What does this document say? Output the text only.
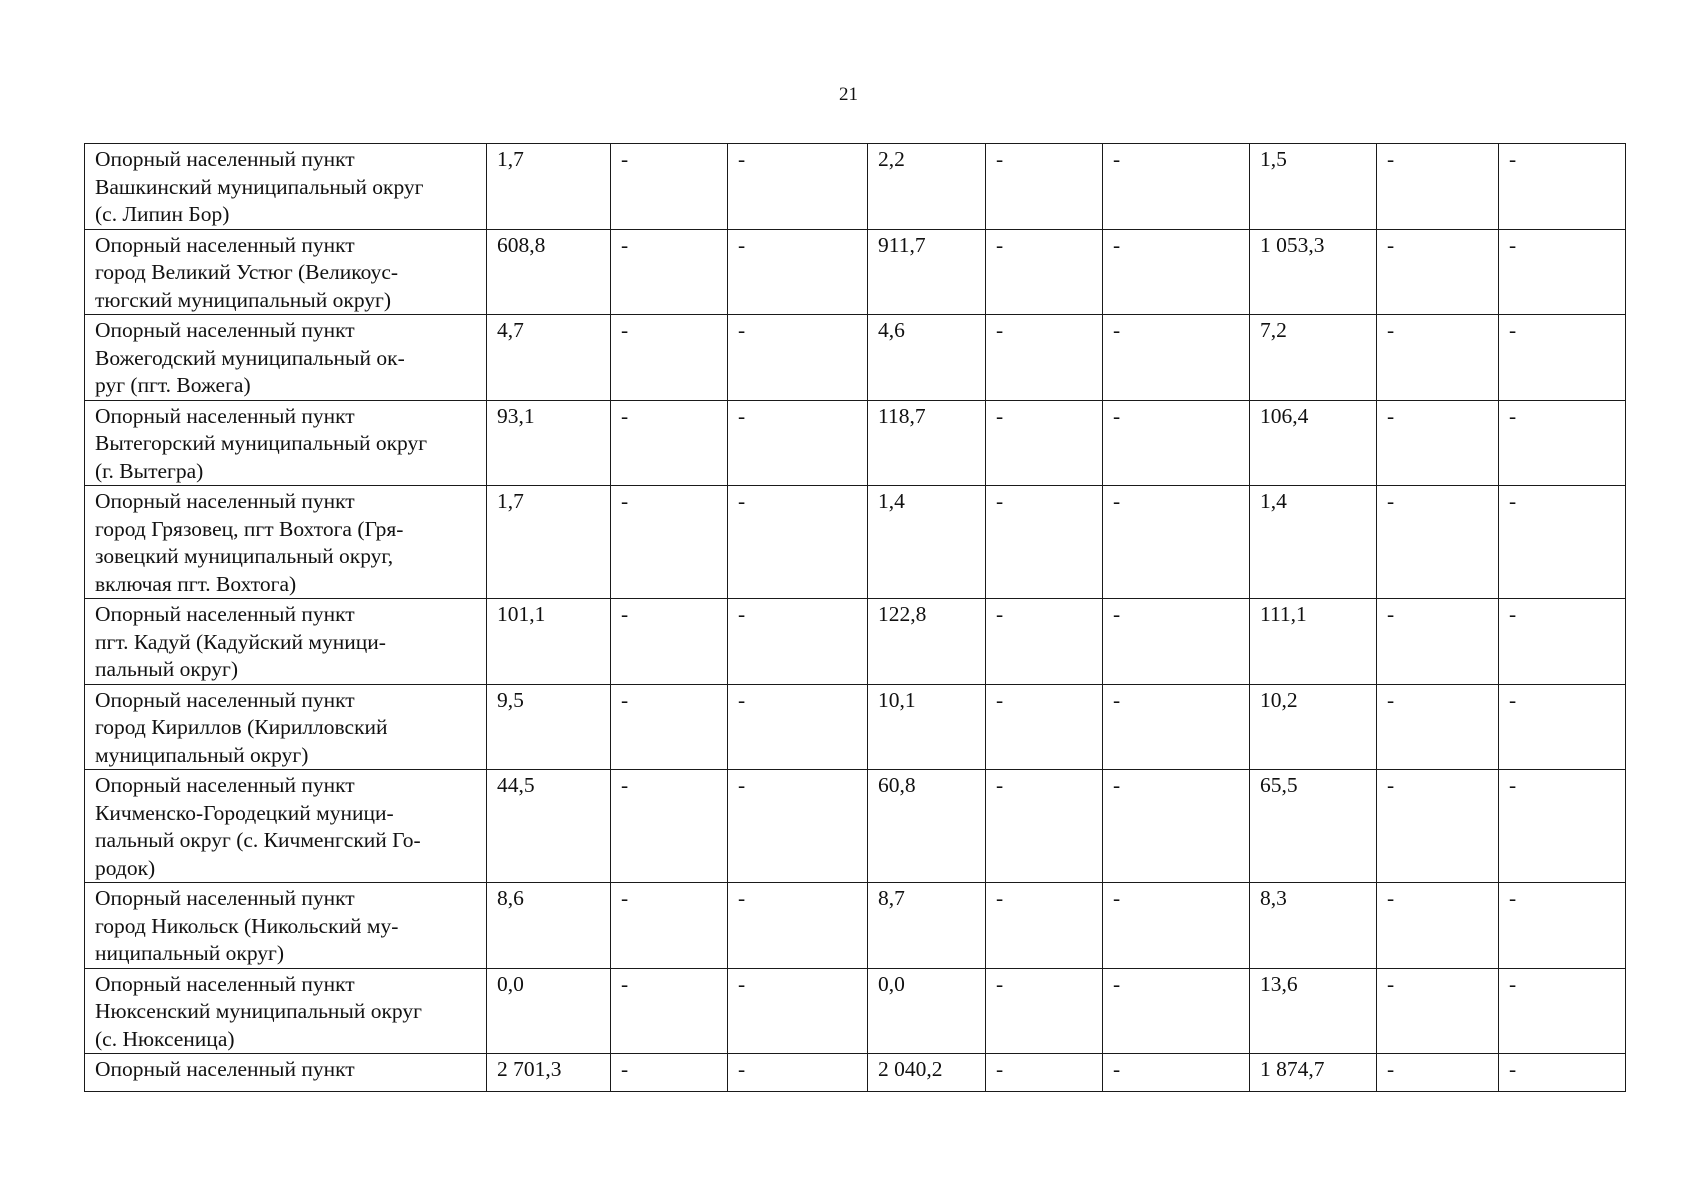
21
Опорный населенный пункт
Вашкинский муниципальный округ
(с. Липин Бор)	1,7	-	-	2,2	-	-	1,5	-	-

Опорный населенный пункт
город Великий Устюг (Великоус-
тюгский муниципальный округ)	608,8	-	-	911,7	-	-	1 053,3	-	-

Опорный населенный пункт
Вожегодский муниципальный ок-
руг (пгт. Вожега)	4,7	-	-	4,6	-	-	7,2	-	-

Опорный населенный пункт
Вытегорский муниципальный округ
(г. Вытегра)	93,1	-	-	118,7	-	-	106,4	-	-

Опорный населенный пункт
город Грязовец, пгт Вохтога (Гря-
зовецкий муниципальный округ,
включая пгт. Вохтога)	1,7	-	-	1,4	-	-	1,4	-	-

Опорный населенный пункт
пгт. Кадуй (Кадуйский муници-
пальный округ)	101,1	-	-	122,8	-	-	111,1	-	-

Опорный населенный пункт
город Кириллов (Кирилловский
муниципальный округ)	9,5	-	-	10,1	-	-	10,2	-	-

Опорный населенный пункт
Кичменско-Городецкий муници-
пальный округ (с. Кичменгский Го-
родок)	44,5	-	-	60,8	-	-	65,5	-	-

Опорный населенный пункт
город Никольск (Никольский му-
ниципальный округ)	8,6	-	-	8,7	-	-	8,3	-	-

Опорный населенный пункт
Нюксенский муниципальный округ
(с. Нюксеница)	0,0	-	-	0,0	-	-	13,6	-	-

Опорный населенный пункт	2 701,3	-	-	2 040,2	-	-	1 874,7	-	-
